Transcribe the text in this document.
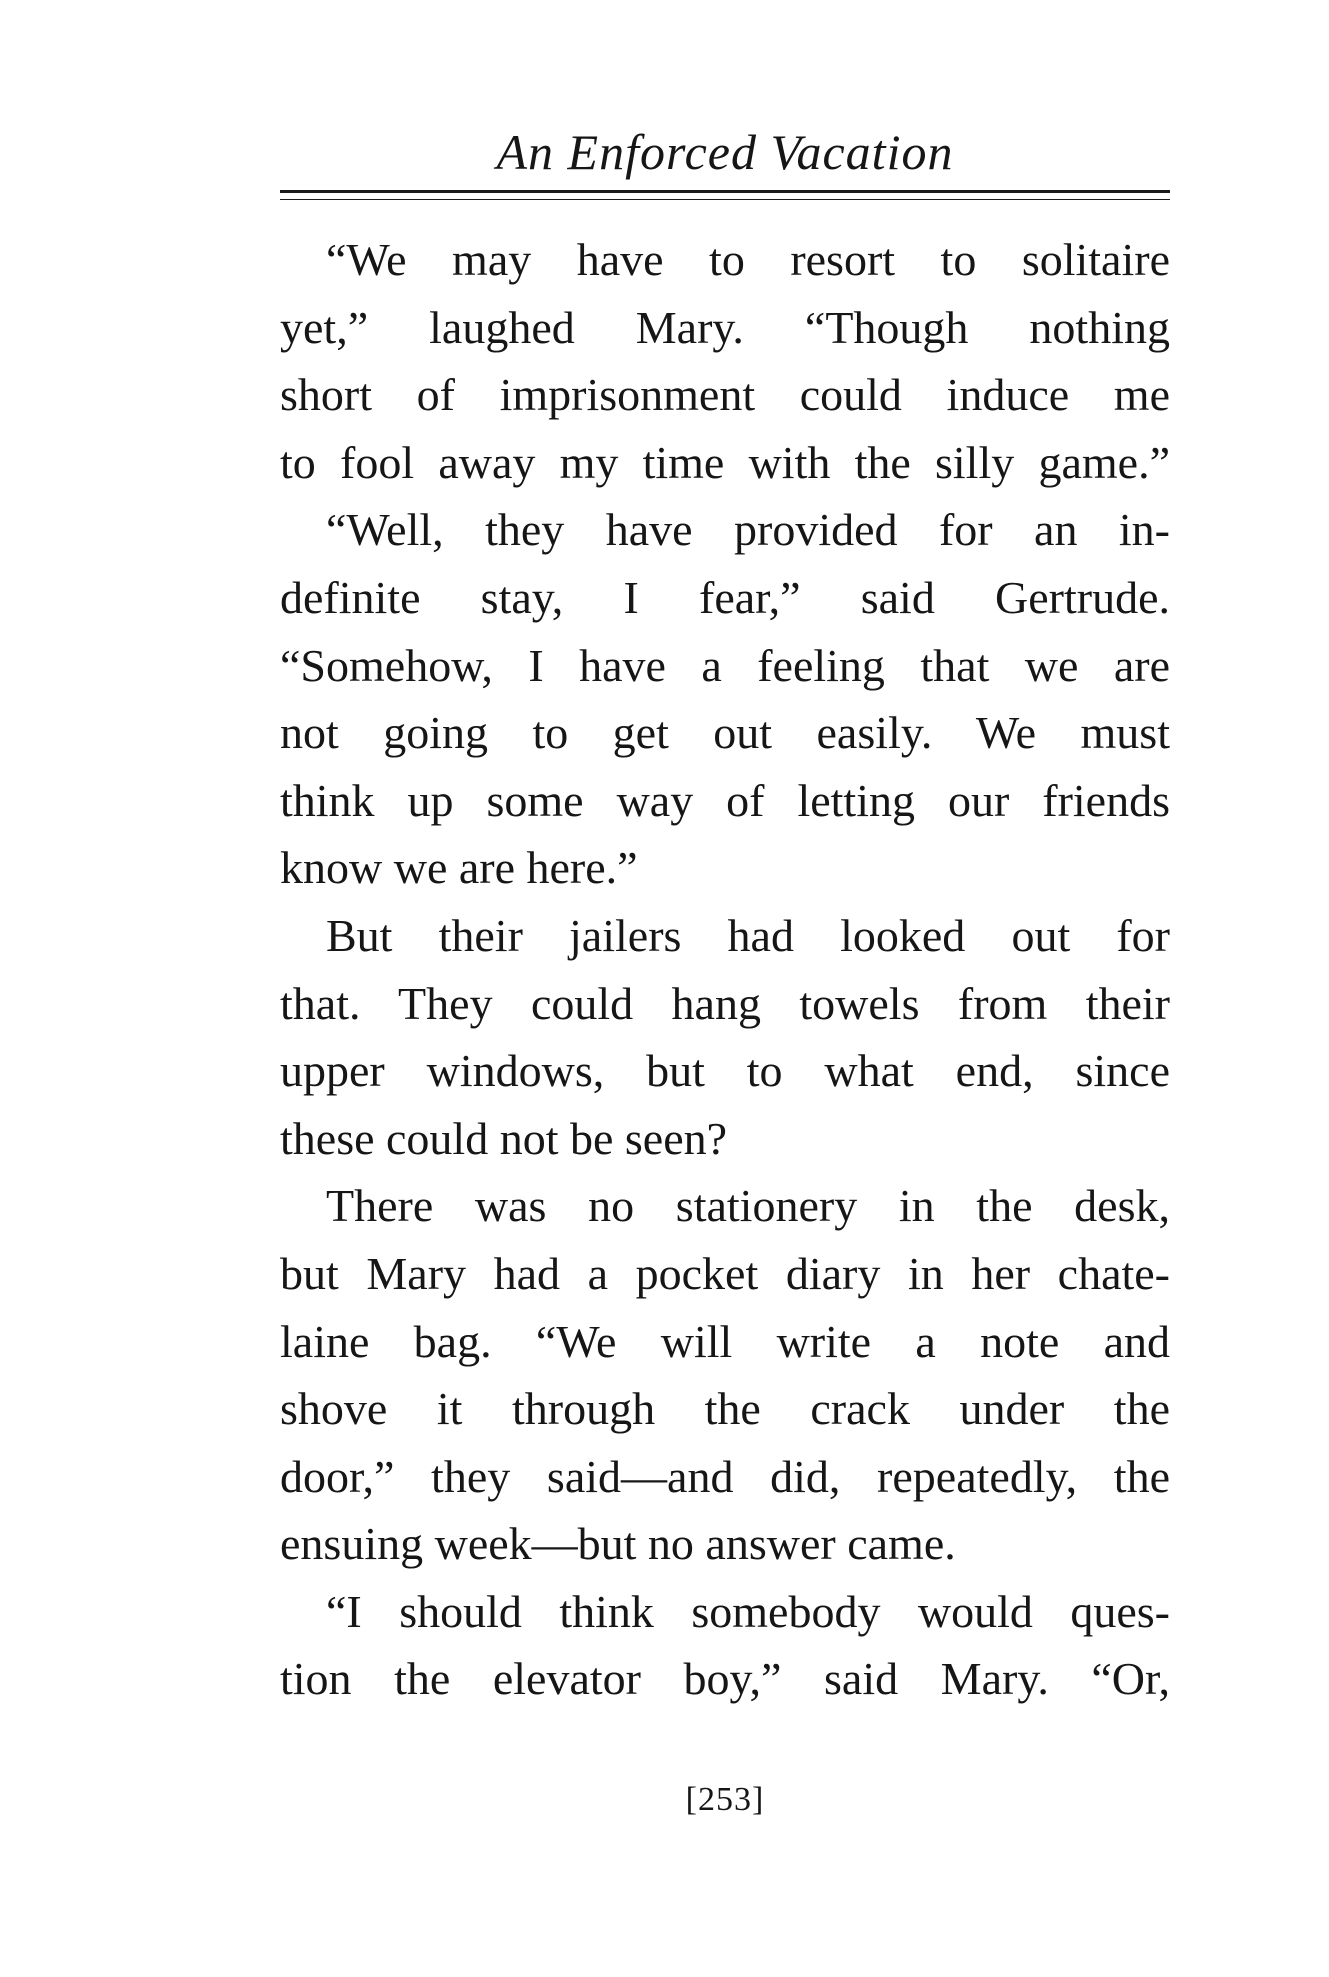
An Enforced Vacation
“We may have to resort to solitaire
yet,” laughed Mary. “Though nothing
short of imprisonment could induce me
to fool away my time with the silly game.”
“Well, they have provided for an in-
definite stay, I fear,” said Gertrude.
“Somehow, I have a feeling that we are
not going to get out easily. We must
think up some way of letting our friends
know we are here.”
But their jailers had looked out for
that. They could hang towels from their
upper windows, but to what end, since
these could not be seen?
There was no stationery in the desk,
but Mary had a pocket diary in her chate-
laine bag. “We will write a note and
shove it through the crack under the
door,” they said—and did, repeatedly, the
ensuing week—but no answer came.
“I should think somebody would ques-
tion the elevator boy,” said Mary. “Or,
[253]
